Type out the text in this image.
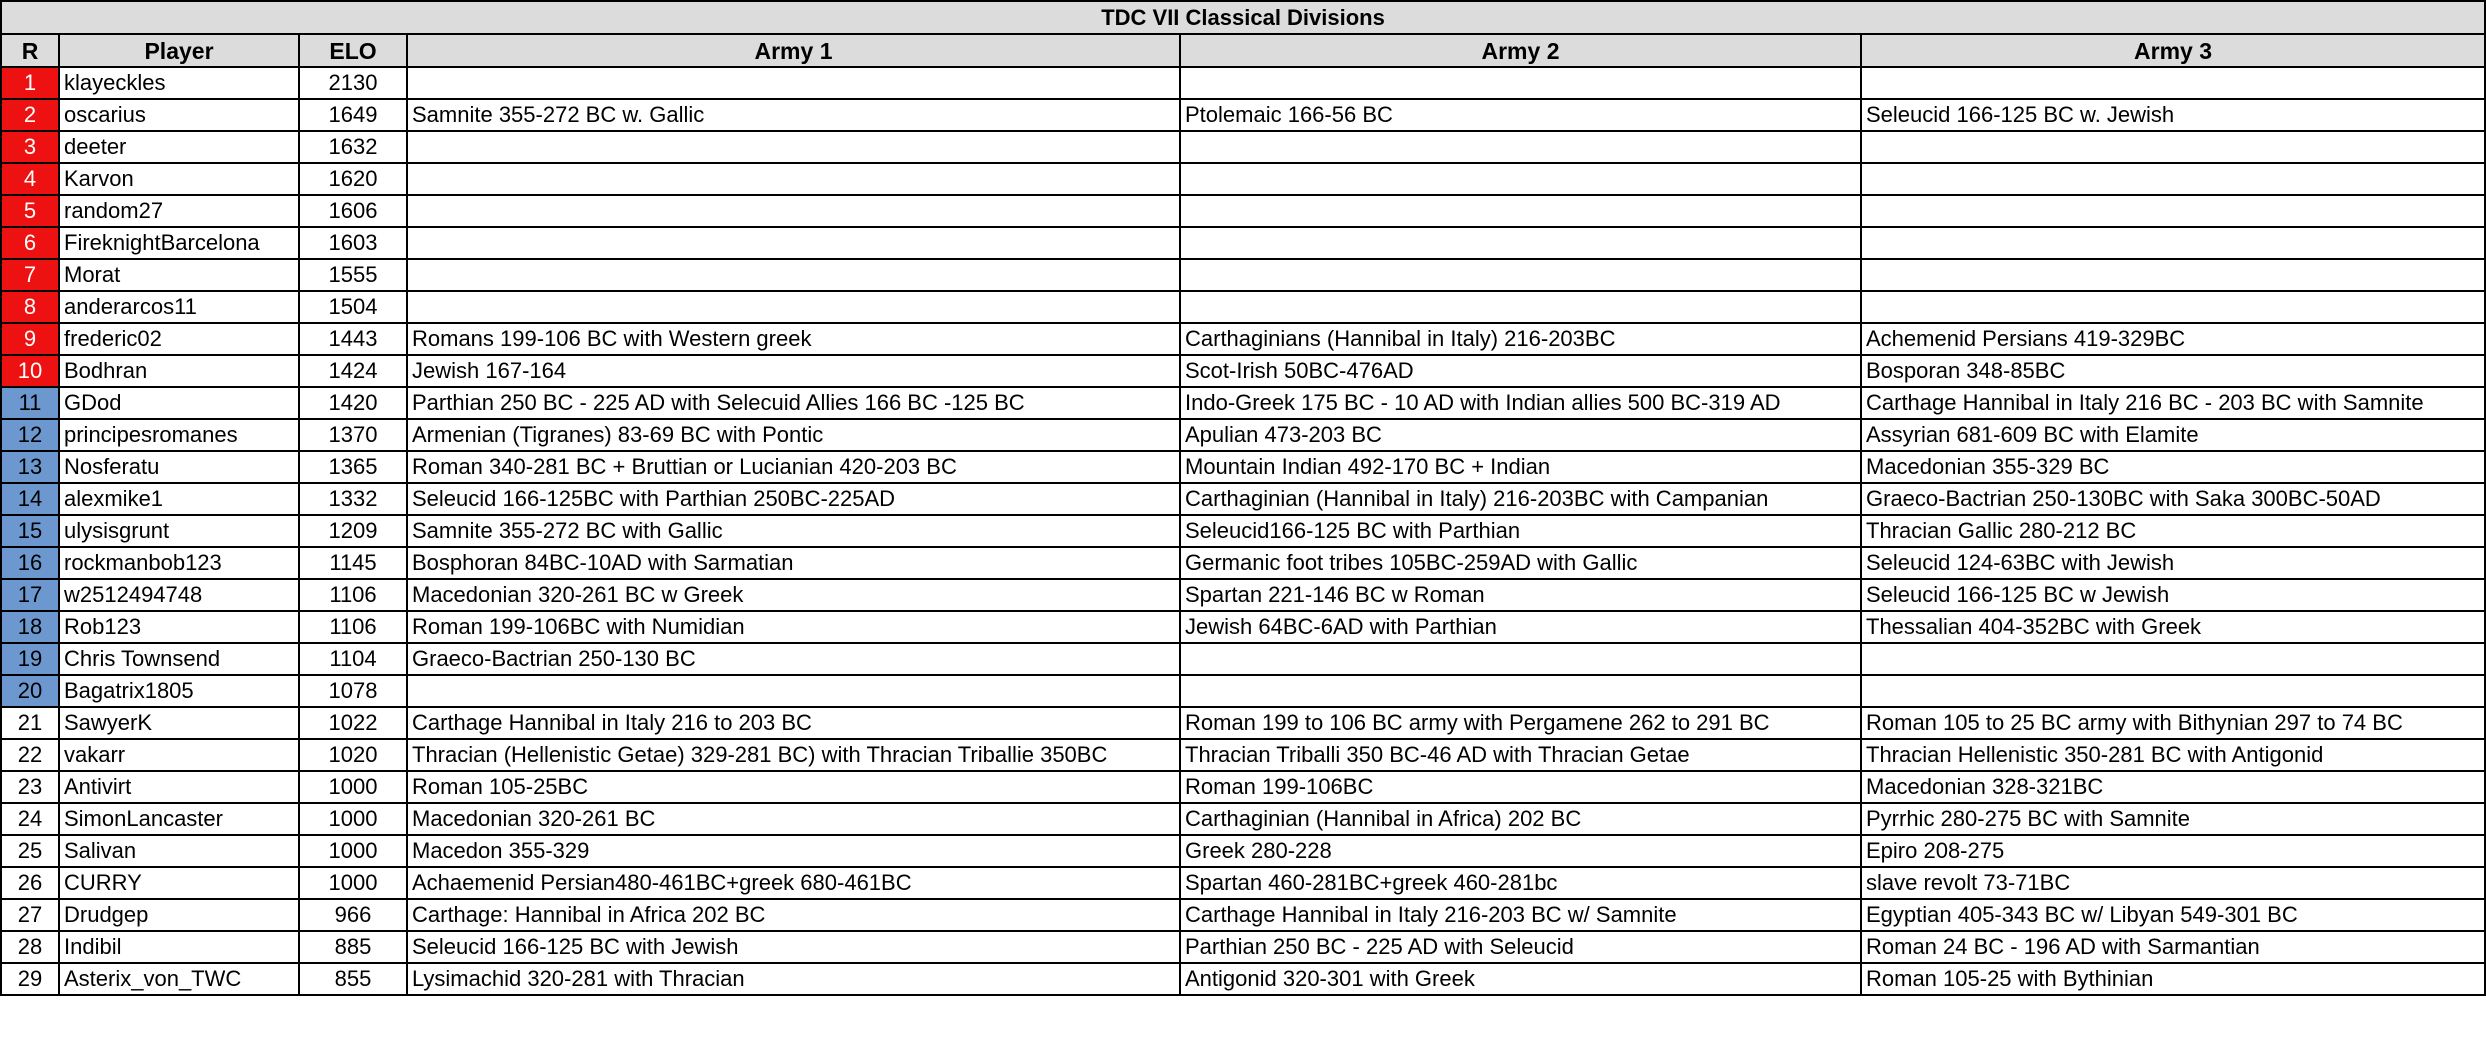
TDC VII Classical Divisions					
R	Player	ELO	Army 1	Army 2	Army 3
1	klayeckles	2130			
2	oscarius	1649	Samnite 355-272 BC w. Gallic	Ptolemaic 166-56 BC	Seleucid 166-125 BC w. Jewish
3	deeter	1632			
4	Karvon	1620			
5	random27	1606			
6	FireknightBarcelona	1603			
7	Morat	1555			
8	anderarcos11	1504			
9	frederic02	1443	Romans 199-106 BC with Western greek	Carthaginians (Hannibal in Italy) 216-203BC	Achemenid Persians 419-329BC
10	Bodhran	1424	Jewish 167-164	Scot-Irish 50BC-476AD	Bosporan 348-85BC
11	GDod	1420	Parthian 250 BC - 225 AD with Selecuid Allies 166 BC -125 BC	Indo-Greek 175 BC - 10 AD with Indian allies 500 BC-319 AD	Carthage Hannibal in Italy 216 BC - 203 BC with Samnite
12	principesromanes	1370	Armenian (Tigranes) 83-69 BC with Pontic	Apulian 473-203 BC	Assyrian 681-609 BC with Elamite
13	Nosferatu	1365	Roman 340-281 BC + Bruttian or Lucianian 420-203 BC	Mountain Indian 492-170 BC + Indian	Macedonian 355-329 BC
14	alexmike1	1332	Seleucid 166-125BC with Parthian 250BC-225AD	Carthaginian (Hannibal in Italy) 216-203BC with Campanian	Graeco-Bactrian 250-130BC with Saka 300BC-50AD
15	ulysisgrunt	1209	Samnite 355-272 BC with Gallic	Seleucid166-125 BC with Parthian	Thracian Gallic 280-212 BC
16	rockmanbob123	1145	Bosphoran 84BC-10AD with Sarmatian	Germanic foot tribes 105BC-259AD with Gallic	Seleucid 124-63BC with Jewish
17	w2512494748	1106	Macedonian 320-261 BC w Greek	Spartan 221-146 BC w Roman	Seleucid 166-125 BC w Jewish
18	Rob123	1106	Roman 199-106BC with Numidian	Jewish 64BC-6AD with Parthian	Thessalian 404-352BC with Greek
19	Chris Townsend	1104	Graeco-Bactrian 250-130 BC		
20	Bagatrix1805	1078			
21	SawyerK	1022	Carthage Hannibal in Italy 216 to 203 BC	Roman 199 to 106 BC army with Pergamene 262 to 291 BC	Roman 105 to 25 BC army with Bithynian 297 to 74 BC
22	vakarr	1020	Thracian (Hellenistic Getae) 329-281 BC) with Thracian Triballie 350BC	Thracian Triballi 350 BC-46 AD with Thracian Getae	Thracian Hellenistic 350-281 BC with Antigonid
23	Antivirt	1000	Roman 105-25BC	Roman 199-106BC	Macedonian 328-321BC
24	SimonLancaster	1000	Macedonian 320-261 BC	Carthaginian (Hannibal in Africa) 202 BC	Pyrrhic 280-275 BC with Samnite
25	Salivan	1000	Macedon 355-329	Greek 280-228	Epiro 208-275
26	CURRY	1000	Achaemenid Persian480-461BC+greek 680-461BC	Spartan 460-281BC+greek 460-281bc	slave revolt 73-71BC
27	Drudgep	966	Carthage: Hannibal in Africa 202 BC	Carthage Hannibal in Italy 216-203 BC w/ Samnite	Egyptian 405-343 BC w/ Libyan 549-301 BC
28	Indibil	885	Seleucid 166-125 BC with Jewish	Parthian 250 BC - 225 AD with Seleucid	Roman 24 BC - 196 AD with Sarmantian
29	Asterix_von_TWC	855	Lysimachid 320-281 with Thracian	Antigonid 320-301 with Greek	Roman 105-25 with Bythinian
